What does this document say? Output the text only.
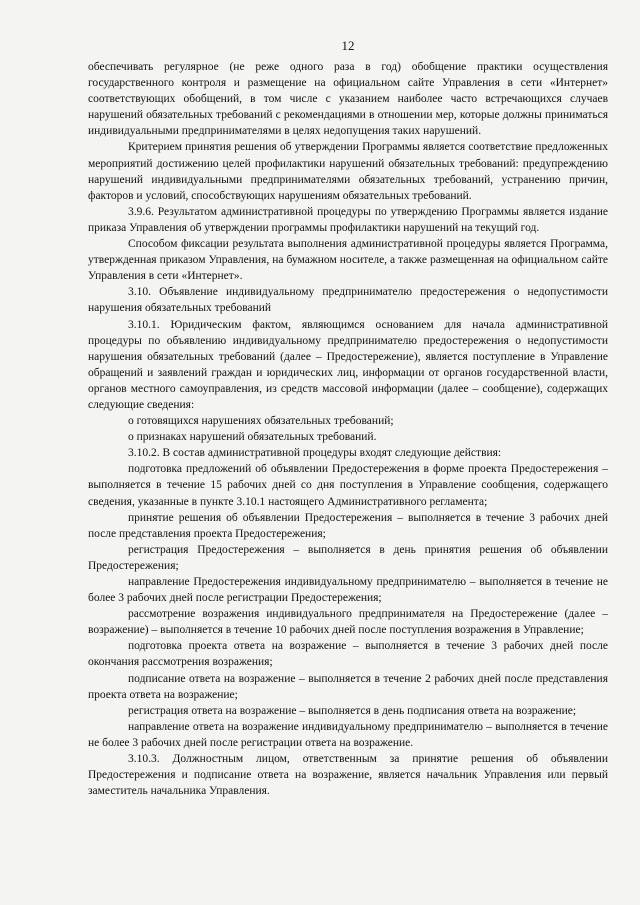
12

обеспечивать регулярное (не реже одного раза в год) обобщение практики осуществления государственного контроля и размещение на официальном сайте Управления в сети «Интернет» соответствующих обобщений, в том числе с указанием наиболее часто встречающихся случаев нарушений обязательных требований с рекомендациями в отношении мер, которые должны приниматься индивидуальными предпринимателями в целях недопущения таких нарушений.

Критерием принятия решения об утверждении Программы является соответствие предложенных мероприятий достижению целей профилактики нарушений обязательных требований: предупреждению нарушений индивидуальными предпринимателями обязательных требований, устранению причин, факторов и условий, способствующих нарушениям обязательных требований.

3.9.6. Результатом административной процедуры по утверждению Программы является издание приказа Управления об утверждении программы профилактики нарушений на текущий год.

Способом фиксации результата выполнения административной процедуры является Программа, утвержденная приказом Управления, на бумажном носителе, а также размещенная на официальном сайте Управления в сети «Интернет».

3.10. Объявление индивидуальному предпринимателю предостережения о недопустимости нарушения обязательных требований

3.10.1. Юридическим фактом, являющимся основанием для начала административной процедуры по объявлению индивидуальному предпринимателю предостережения о недопустимости нарушения обязательных требований (далее – Предостережение), является поступление в Управление обращений и заявлений граждан и юридических лиц, информации от органов государственной власти, органов местного самоуправления, из средств массовой информации (далее – сообщение), содержащих следующие сведения:

о готовящихся нарушениях обязательных требований;

о признаках нарушений обязательных требований.

3.10.2. В состав административной процедуры входят следующие действия:

подготовка предложений об объявлении Предостережения в форме проекта Предостережения – выполняется в течение 15 рабочих дней со дня поступления в Управление сообщения, содержащего сведения, указанные в пункте 3.10.1 настоящего Административного регламента;

принятие решения об объявлении Предостережения – выполняется в течение 3 рабочих дней после представления проекта Предостережения;

регистрация Предостережения – выполняется в день принятия решения об объявлении Предостережения;

направление Предостережения индивидуальному предпринимателю – выполняется в течение не более 3 рабочих дней после регистрации Предостережения;

рассмотрение возражения индивидуального предпринимателя на Предостережение (далее – возражение) – выполняется в течение 10 рабочих дней после поступления возражения в Управление;

подготовка проекта ответа на возражение – выполняется в течение 3 рабочих дней после окончания рассмотрения возражения;

подписание ответа на возражение – выполняется в течение 2 рабочих дней после представления проекта ответа на возражение;

регистрация ответа на возражение – выполняется в день подписания ответа на возражение;

направление ответа на возражение индивидуальному предпринимателю – выполняется в течение не более 3 рабочих дней после регистрации ответа на возражение.

3.10.3. Должностным лицом, ответственным за принятие решения об объявлении Предостережения и подписание ответа на возражение, является начальник Управления или первый заместитель начальника Управления.
